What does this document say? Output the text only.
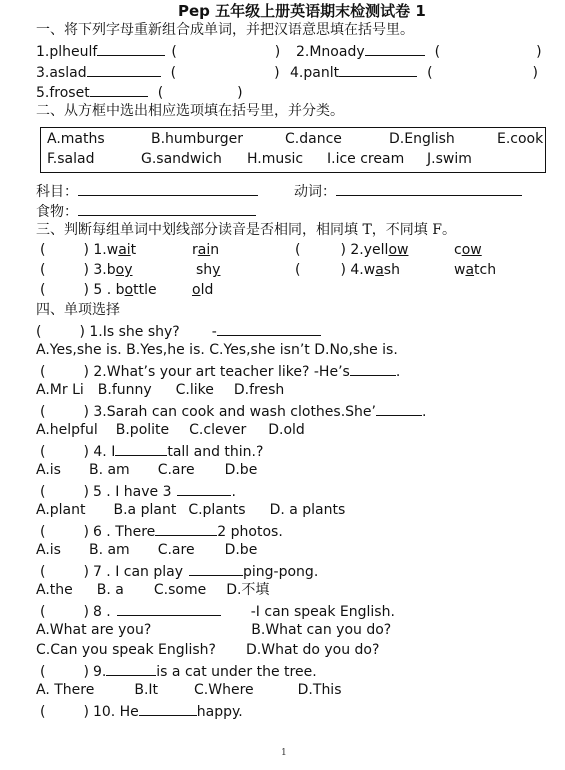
Pep 五年级上册英语期末检测试卷 1
一、将下列字母重新组合成单词，并把汉语意思填在括号里。
1.plheulf	(	) 2.Mnoady	(	)
3.aslad	(	) 4.panlt	(	)
5.froset	(	)
二、从方框中选出相应选项填在括号里，并分类。
A.maths	B.humburger	C.dance	D.English	E.cook
F.salad	G.sandwich H.music I.ice cream J.swim
科目：	动词：
食物：
三、判断每组单词中划线部分读音是否相同，相同填 T，不同填 F。
(	) 1.wait	rain	(	) 2.yellow	cow
(	) 3.boy	shy	(	) 4.wash	watch
(	) 5 . bottle	old
四、单项选择
(	) 1.Is she shy? -
A.Yes,she is. B.Yes,he is. C.Yes,she isn’t D.No,she is.
(	) 2.What’s your art teacher like? -He’s	.
A.Mr Li B.funny C.like D.fresh
(	) 3.Sarah can cook and wash clothes.She’	.
A.helpful B.polite C.clever D.old
(	) 4. I	tall and thin.?
A.is B. am C.are D.be
(	) 5 . I have 3	.
A.plant B.a plant C.plants D. a plants
(	) 6 . There	2 photos.
A.is B. am C.are D.be
(	) 7 . I can play	ping-pong.
A.the B. a C.some D.不填
(	) 8 .	-I can speak English.
A.What are you?	B.What can you do?
C.Can you speak English? D.What do you do?
(	) 9.	is a cat under the tree.
A. There	B.It	C.Where	D.This
(	) 10. He	happy.
1
